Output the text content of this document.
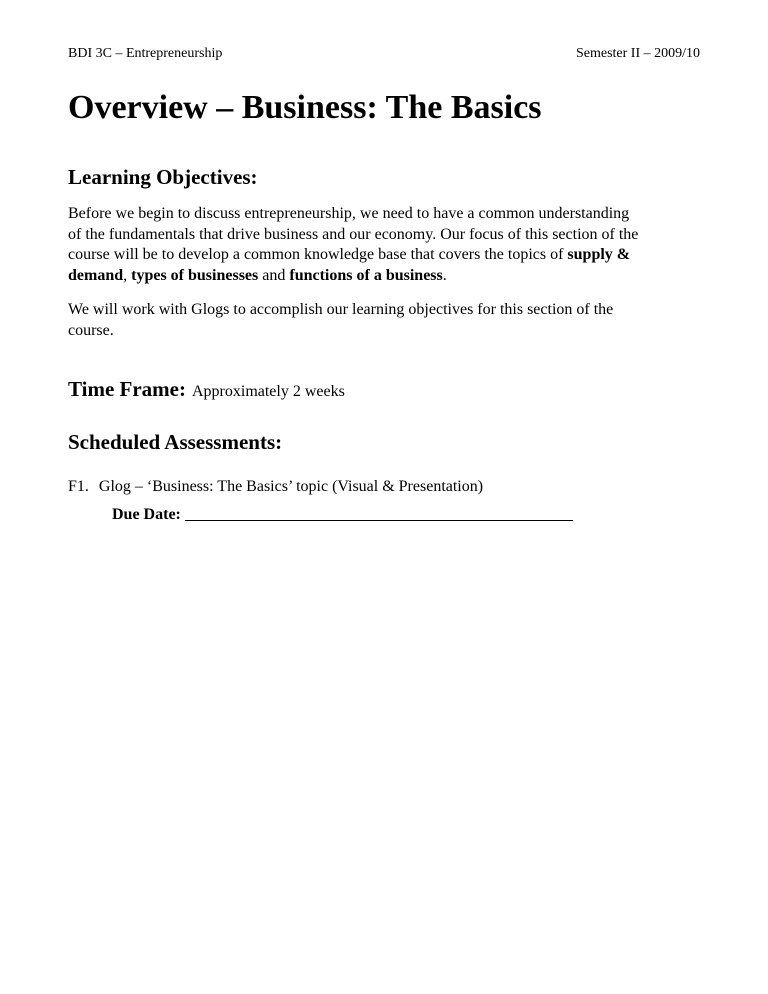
BDI 3C – Entrepreneurship	Semester II – 2009/10
Overview – Business: The Basics
Learning Objectives:

Before we begin to discuss entrepreneurship, we need to have a common understanding
of the fundamentals that drive business and our economy. Our focus of this section of the
course will be to develop a common knowledge base that covers the topics of supply &
demand, types of businesses and functions of a business.

We will work with Glogs to accomplish our learning objectives for this section of the
course.

Time Frame: Approximately 2 weeks
Scheduled Assessments:
F1. Glog – ‘Business: The Basics’ topic (Visual & Presentation)
Due Date:
